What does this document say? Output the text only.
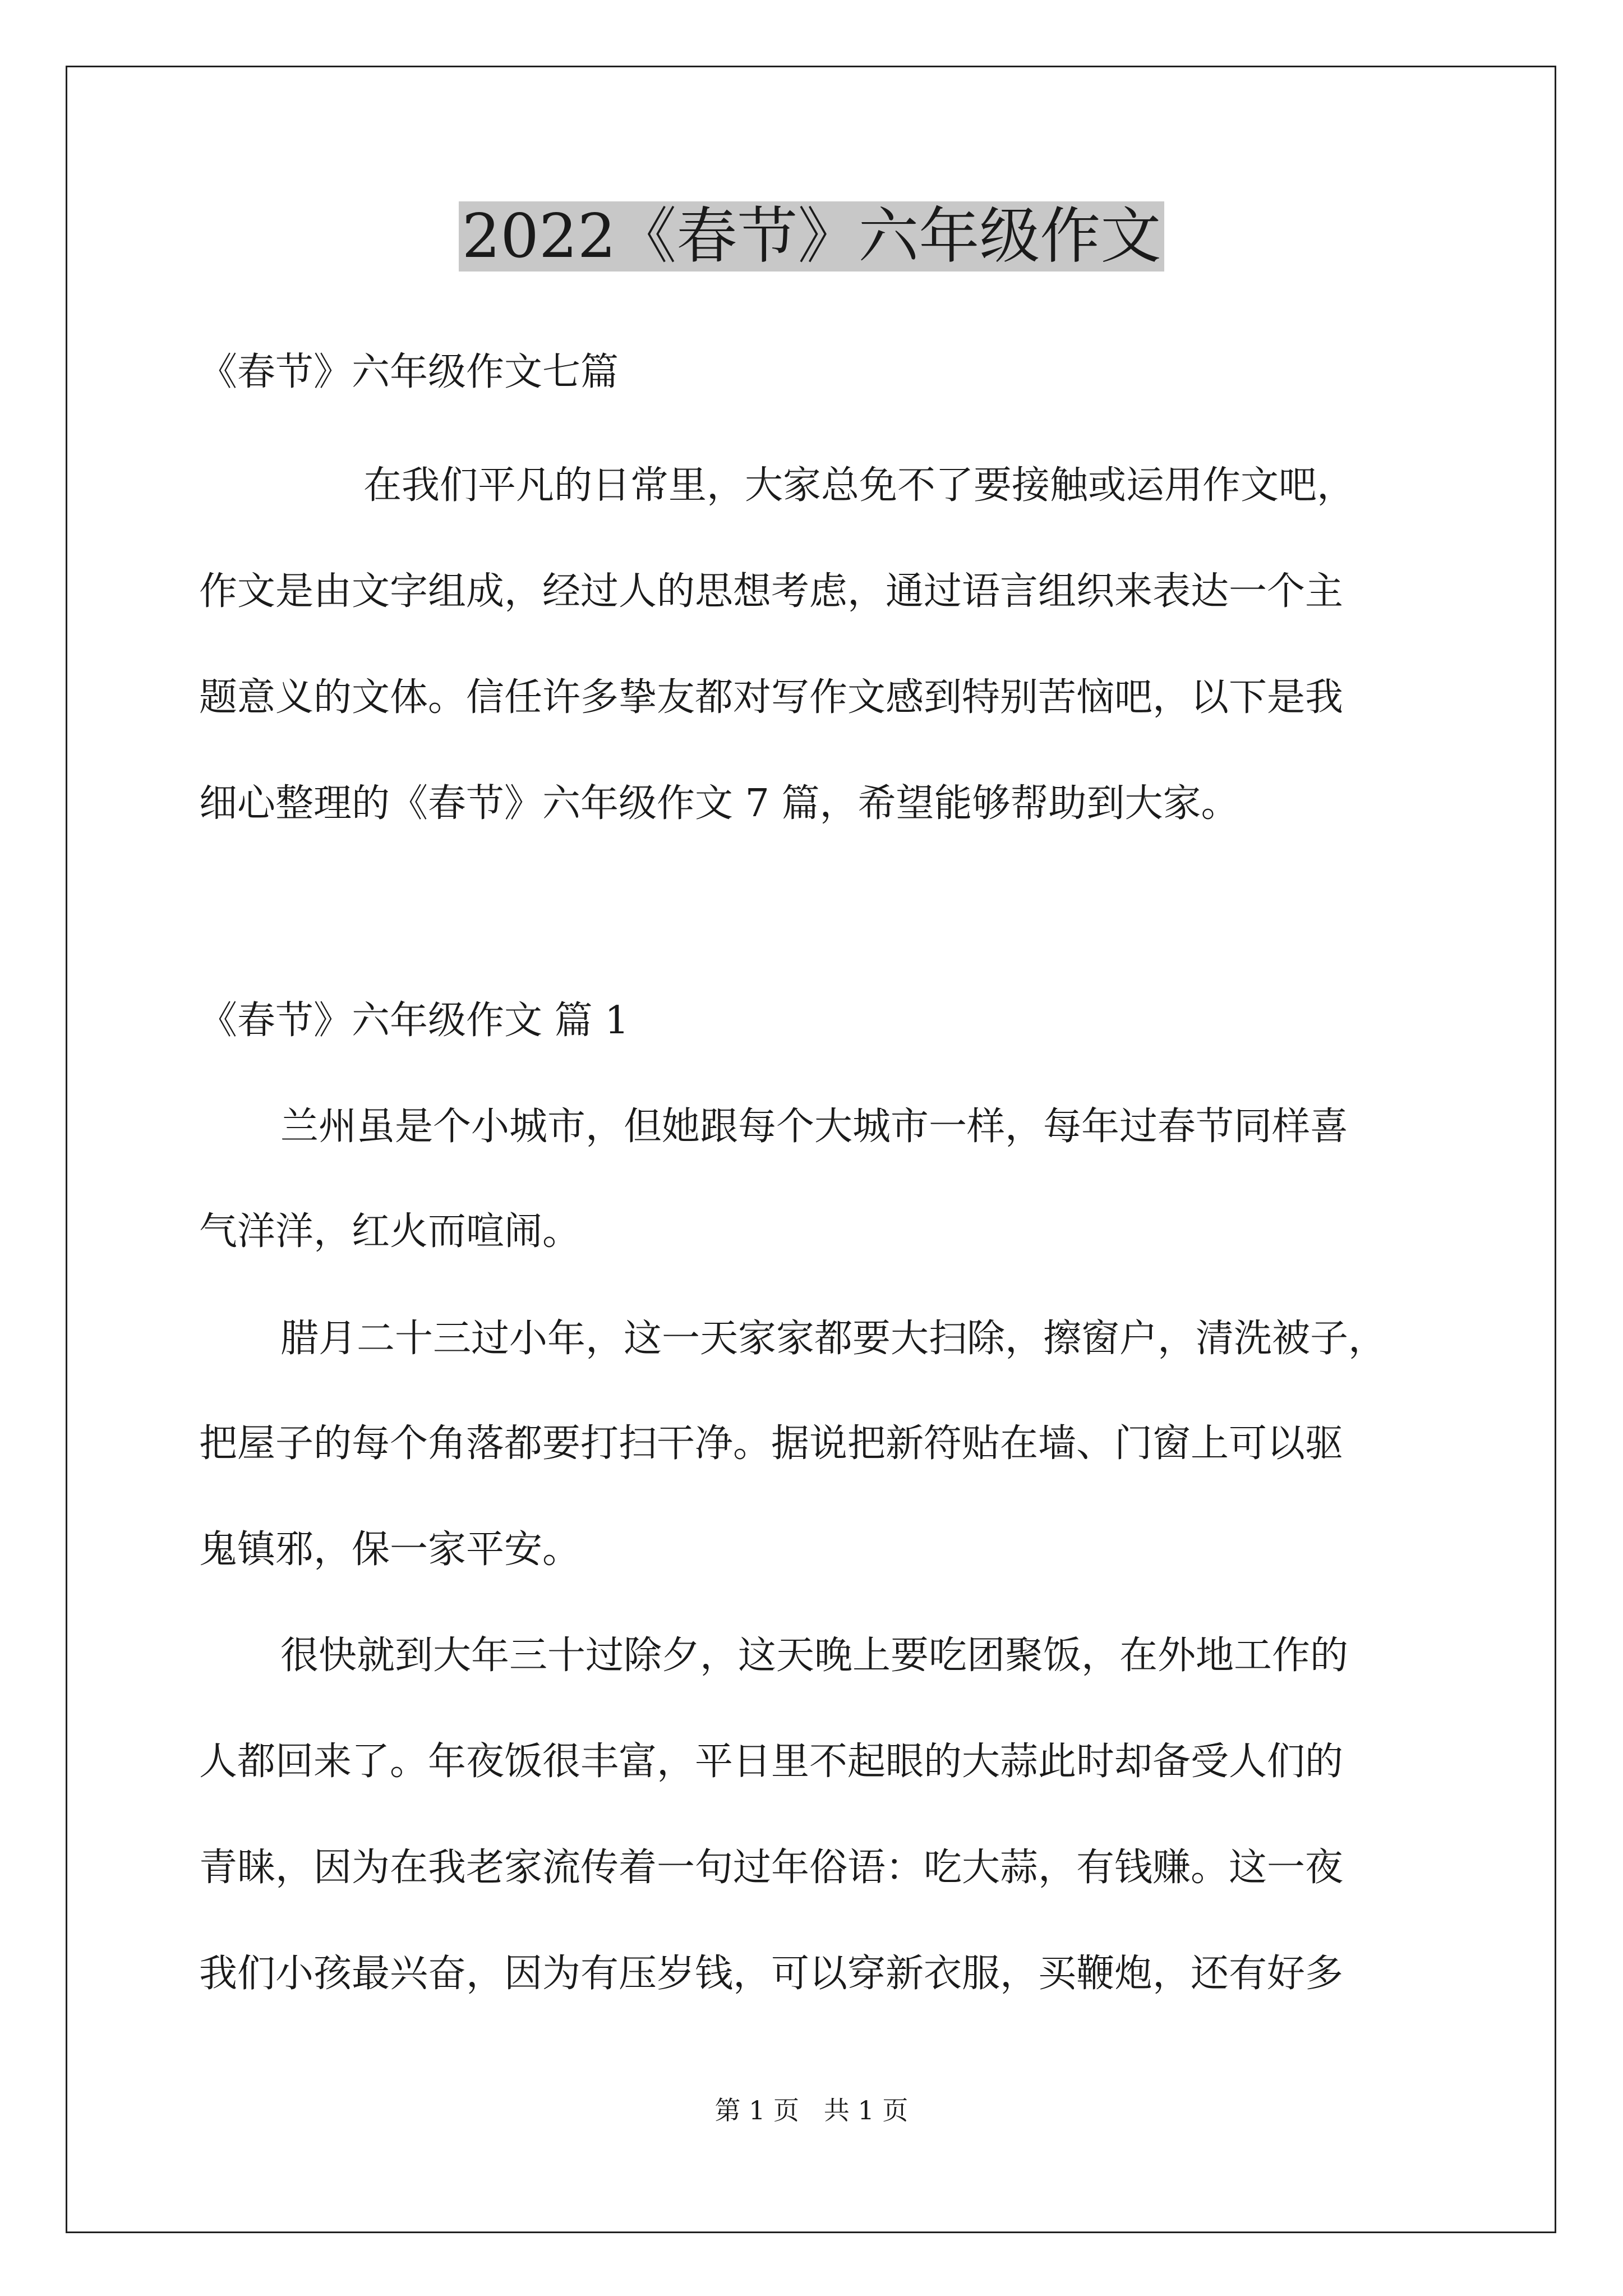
2022《春节》六年级作文

《春节》六年级作文七篇

在我们平凡的日常里，大家总免不了要接触或运用作文吧，

作文是由文字组成，经过人的思想考虑，通过语言组织来表达一个主

题意义的文体。信任许多挚友都对写作文感到特别苦恼吧，以下是我

细心整理的《春节》六年级作文 7 篇，希望能够帮助到大家。

《春节》六年级作文 篇 1

兰州虽是个小城市，但她跟每个大城市一样，每年过春节同样喜

气洋洋，红火而喧闹。

腊月二十三过小年，这一天家家都要大扫除，擦窗户，清洗被子，

把屋子的每个角落都要打扫干净。据说把新符贴在墙、门窗上可以驱

鬼镇邪，保一家平安。

很快就到大年三十过除夕，这天晚上要吃团聚饭，在外地工作的

人都回来了。年夜饭很丰富，平日里不起眼的大蒜此时却备受人们的

青睐，因为在我老家流传着一句过年俗语：吃大蒜，有钱赚。这一夜

我们小孩最兴奋，因为有压岁钱，可以穿新衣服，买鞭炮，还有好多

第 1 页   共 1 页
